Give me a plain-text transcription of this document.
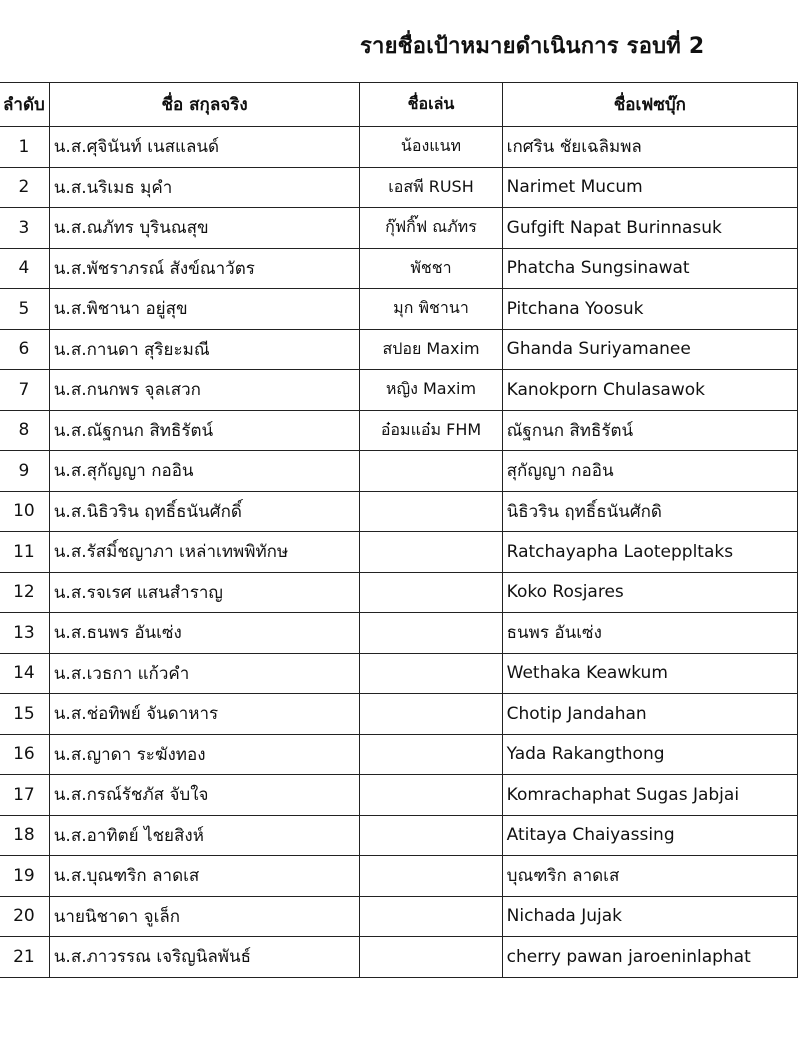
รายชื่อเป้าหมายดำเนินการ รอบที่ 2
ลำดับ	ชื่อ สกุลจริง	ชื่อเล่น	ชื่อเฟซบุ๊ก
1	น.ส.ศุจินันท์ เนสแลนด์	น้องแนท	เกศริน ชัยเฉลิมพล
2	น.ส.นริเมธ มุคำ	เอสพี RUSH	Narimet Mucum
3	น.ส.ณภัทร บุรินณสุข	กุ๊ฟกิ๊ฟ ณภัทร	Gufgift Napat Burinnasuk
4	น.ส.พัชราภรณ์ สังข์ณาวัตร	พัชชา	Phatcha Sungsinawat
5	น.ส.พิชานา อยู่สุข	มุก พิชานา	Pitchana Yoosuk
6	น.ส.กานดา สุริยะมณี	สปอย Maxim	Ghanda Suriyamanee
7	น.ส.กนกพร จุลเสวก	หญิง Maxim	Kanokporn Chulasawok
8	น.ส.ณัฐกนก สิทธิรัตน์	อ๋อมแอ๋ม FHM	ณัฐกนก สิทธิรัตน์
9	น.ส.สุกัญญา กออิน		สุกัญญา กออิน
10	น.ส.นิธิวริน ฤทธิ์ธนันศักดิ์		นิธิวริน ฤทธิ์ธนันศักดิ
11	น.ส.รัสมิ์ชญาภา เหล่าเทพพิทักษ		Ratchayapha Laoteppltaks
12	น.ส.รจเรศ แสนสำราญ		Koko Rosjares
13	น.ส.ธนพร อันเซ่ง		ธนพร อันเซ่ง
14	น.ส.เวธกา แก้วคำ		Wethaka Keawkum
15	น.ส.ช่อทิพย์ จันดาหาร		Chotip Jandahan
16	น.ส.ญาดา ระฆังทอง		Yada Rakangthong
17	น.ส.กรณ์รัชภัส จับใจ		Komrachaphat Sugas Jabjai
18	น.ส.อาทิตย์ ไชยสิงห์		Atitaya Chaiyassing
19	น.ส.บุณฑริก ลาดเส		บุณฑริก ลาดเส
20	นายนิชาดา จูเล็ก		Nichada Jujak
21	น.ส.ภาวรรณ เจริญนิลพันธ์		cherry pawan jaroeninlaphat
